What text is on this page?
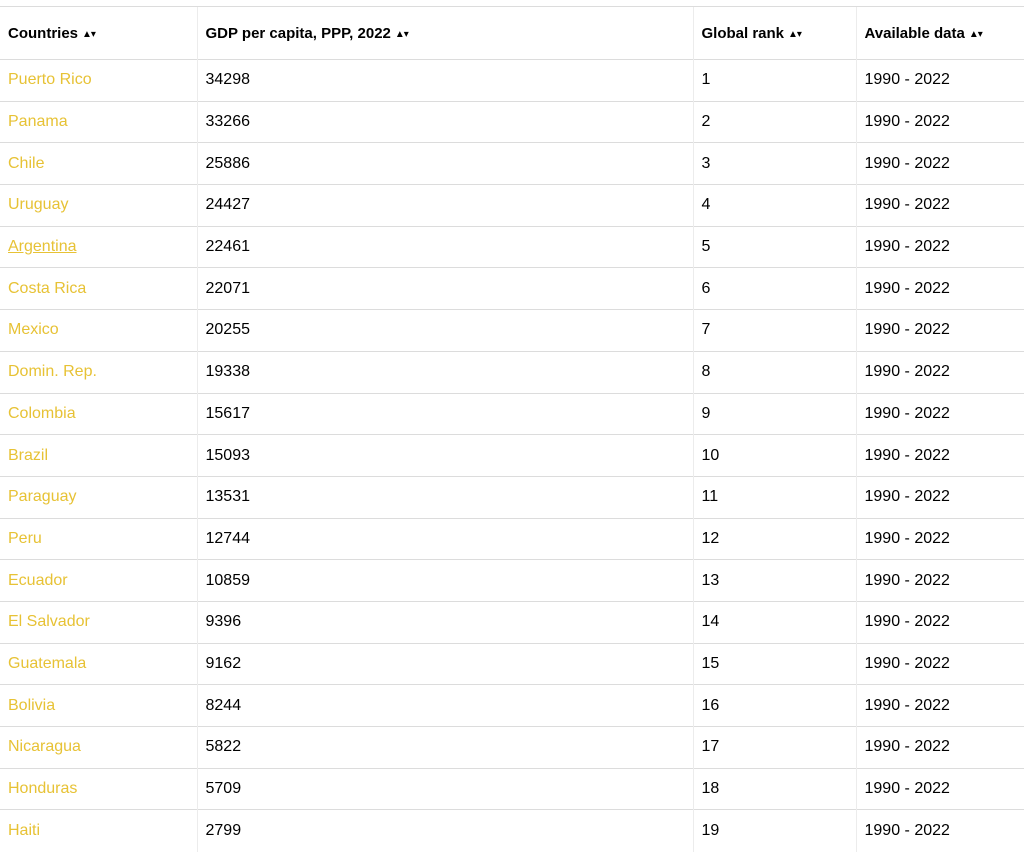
Countries ▲▾	GDP per capita, PPP, 2022 ▲▾	Global rank ▲▾	Available data ▲▾
Puerto Rico	34298	1	1990 - 2022
Panama	33266	2	1990 - 2022
Chile	25886	3	1990 - 2022
Uruguay	24427	4	1990 - 2022
Argentina	22461	5	1990 - 2022
Costa Rica	22071	6	1990 - 2022
Mexico	20255	7	1990 - 2022
Domin. Rep.	19338	8	1990 - 2022
Colombia	15617	9	1990 - 2022
Brazil	15093	10	1990 - 2022
Paraguay	13531	11	1990 - 2022
Peru	12744	12	1990 - 2022
Ecuador	10859	13	1990 - 2022
El Salvador	9396	14	1990 - 2022
Guatemala	9162	15	1990 - 2022
Bolivia	8244	16	1990 - 2022
Nicaragua	5822	17	1990 - 2022
Honduras	5709	18	1990 - 2022
Haiti	2799	19	1990 - 2022
